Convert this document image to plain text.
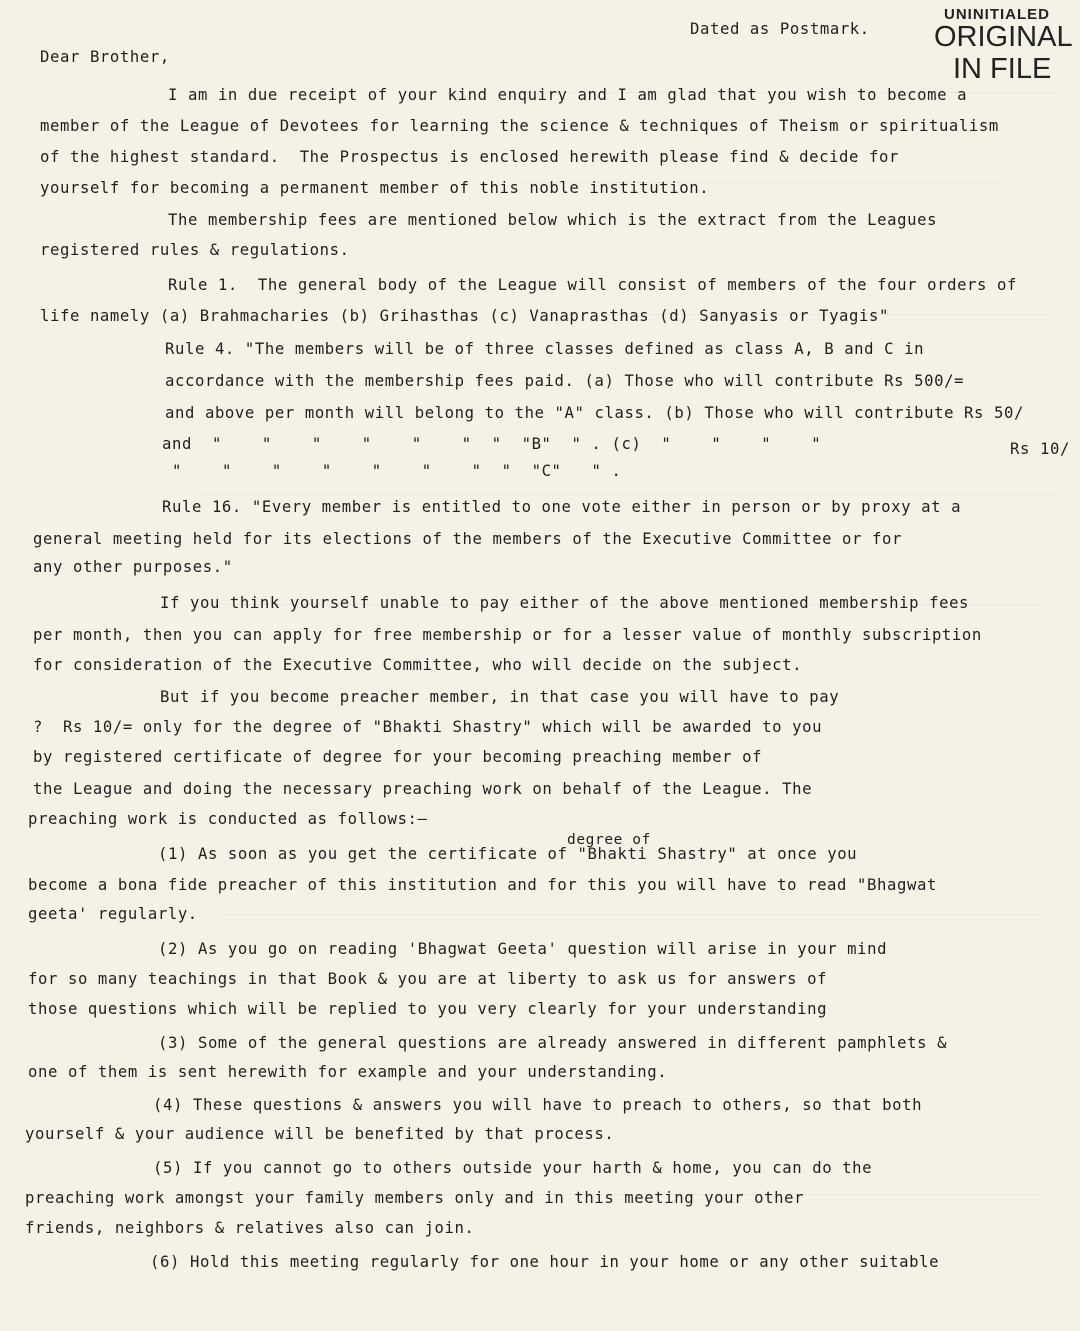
Dated as Postmark.
UNINITIALED
ORIGINAL
IN FILE
Dear Brother,
I am in due receipt of your kind enquiry and I am glad that you wish to become a
member of the League of Devotees for learning the science & techniques of Theism or spiritualism
of the highest standard.  The Prospectus is enclosed herewith please find & decide for
yourself for becoming a permanent member of this noble institution.
The membership fees are mentioned below which is the extract from the Leagues
registered rules & regulations.
Rule 1.  The general body of the League will consist of members of the four orders of
life namely (a) Brahmacharies (b) Grihasthas (c) Vanaprasthas (d) Sanyasis or Tyagis"
Rule 4. "The members will be of three classes defined as class A, B and C in
accordance with the membership fees paid. (a) Those who will contribute Rs 500/=
and above per month will belong to the "A" class. (b) Those who will contribute Rs 50/
and  "    "    "    "    "    "  "  "B"  " . (c)  "    "    "    "	Rs 10/
"    "    "    "    "    "    "  "  "C"   " .
Rule 16. "Every member is entitled to one vote either in person or by proxy at a
general meeting held for its elections of the members of the Executive Committee or for
any other purposes."
If you think yourself unable to pay either of the above mentioned membership fees
per month, then you can apply for free membership or for a lesser value of monthly subscription
for consideration of the Executive Committee, who will decide on the subject.
But if you become preacher member, in that case you will have to pay
?  Rs 10/= only for the degree of "Bhakti Shastry" which will be awarded to you
by registered certificate of degree for your becoming preaching member of
the League and doing the necessary preaching work on behalf of the League. The
preaching work is conducted as follows:—
degree of
(1) As soon as you get the certificate of "Bhakti Shastry" at once you
become a bona fide preacher of this institution and for this you will have to read "Bhagwat
geeta' regularly.
(2) As you go on reading 'Bhagwat Geeta' question will arise in your mind
for so many teachings in that Book & you are at liberty to ask us for answers of
those questions which will be replied to you very clearly for your understanding
(3) Some of the general questions are already answered in different pamphlets &
one of them is sent herewith for example and your understanding.
(4) These questions & answers you will have to preach to others, so that both
yourself & your audience will be benefited by that process.
(5) If you cannot go to others outside your harth & home, you can do the
preaching work amongst your family members only and in this meeting your other
friends, neighbors & relatives also can join.
(6) Hold this meeting regularly for one hour in your home or any other suitable
